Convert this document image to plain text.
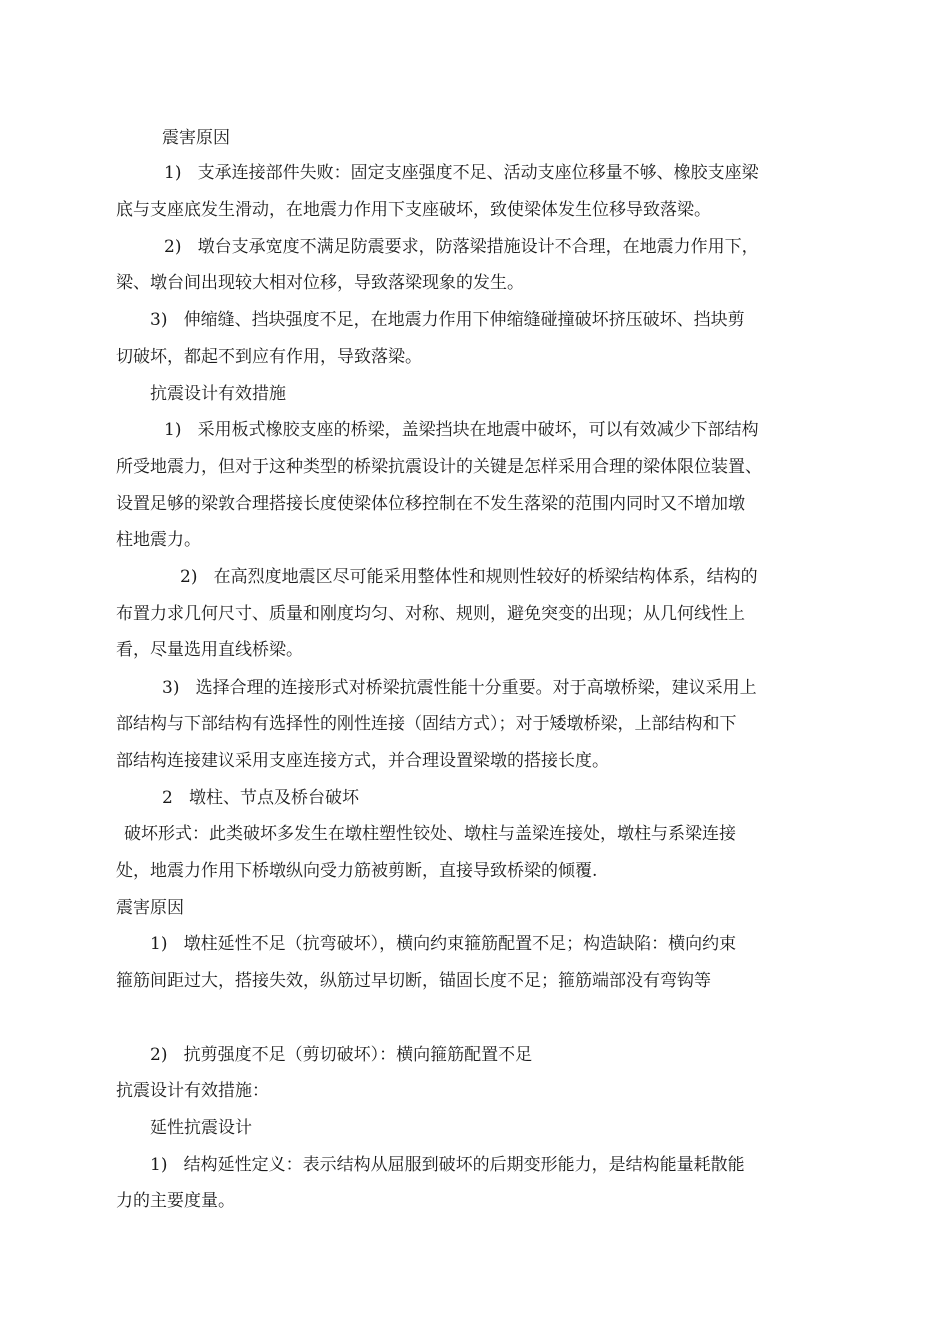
震害原因
1)   支承连接部件失败：固定支座强度不足、活动支座位移量不够、橡胶支座梁
底与支座底发生滑动，在地震力作用下支座破坏，致使梁体发生位移导致落梁。
2)   墩台支承宽度不满足防震要求，防落梁措施设计不合理，在地震力作用下，
梁、墩台间出现较大相对位移，导致落梁现象的发生。
3)   伸缩缝、挡块强度不足，在地震力作用下伸缩缝碰撞破坏挤压破坏、挡块剪
切破坏，都起不到应有作用，导致落梁。
抗震设计有效措施
1)   采用板式橡胶支座的桥梁，盖梁挡块在地震中破坏，可以有效减少下部结构
所受地震力，但对于这种类型的桥梁抗震设计的关键是怎样采用合理的梁体限位装置、
设置足够的梁敦合理搭接长度使梁体位移控制在不发生落梁的范围内同时又不增加墩
柱地震力。
2)   在高烈度地震区尽可能采用整体性和规则性较好的桥梁结构体系，结构的
布置力求几何尺寸、质量和刚度均匀、对称、规则，避免突变的出现；从几何线性上
看，尽量选用直线桥梁。
3)   选择合理的连接形式对桥梁抗震性能十分重要。对于高墩桥梁，建议采用上
部结构与下部结构有选择性的刚性连接（固结方式）；对于矮墩桥梁，上部结构和下
部结构连接建议采用支座连接方式，并合理设置梁墩的搭接长度。
2   墩柱、节点及桥台破坏
破坏形式：此类破坏多发生在墩柱塑性铰处、墩柱与盖梁连接处，墩柱与系梁连接
处，地震力作用下桥墩纵向受力筋被剪断，直接导致桥梁的倾覆.
震害原因
1)   墩柱延性不足（抗弯破坏），横向约束箍筋配置不足；构造缺陷：横向约束
箍筋间距过大，搭接失效，纵筋过早切断，锚固长度不足；箍筋端部没有弯钩等
2)   抗剪强度不足（剪切破坏）：横向箍筋配置不足
抗震设计有效措施：
延性抗震设计
1)   结构延性定义：表示结构从屈服到破坏的后期变形能力，是结构能量耗散能
力的主要度量。
